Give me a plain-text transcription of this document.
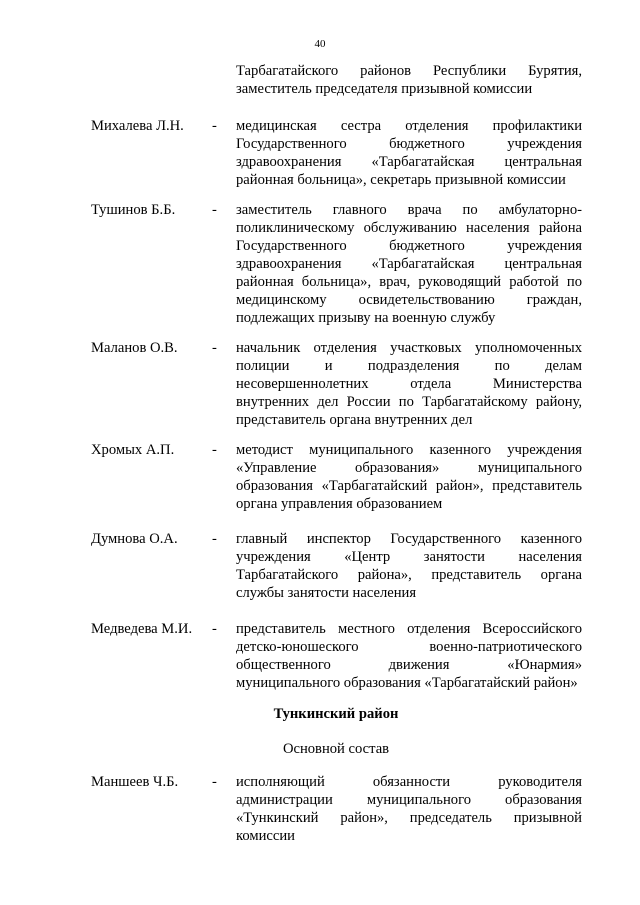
40
Тарбагатайского районов Республики Бурятия,
заместитель председателя призывной комиссии
Михалева Л.Н. - медицинская сестра отделения профилактики
Государственного бюджетного учреждения
здравоохранения «Тарбагатайская центральная
районная больница», секретарь призывной комиссии
Тушинов Б.Б.	- заместитель главного врача по амбулаторно-
поликлиническому обслуживанию населения района
Государственного бюджетного учреждения
здравоохранения «Тарбагатайская центральная
районная больница», врач, руководящий работой по
медицинскому освидетельствованию граждан,
подлежащих призыву на военную службу
Маланов О.В. - начальник отделения участковых уполномоченных
полиции и подразделения по делам
несовершеннолетних отдела Министерства
внутренних дел России по Тарбагатайскому району,
представитель органа внутренних дел
Хромых А.П.	- методист муниципального казенного учреждения
«Управление образования» муниципального
образования «Тарбагатайский район», представитель
органа управления образованием
Думнова О.А. - главный инспектор Государственного казенного
учреждения «Центр занятости населения
Тарбагатайского района», представитель органа
службы занятости населения
Медведева М.И. - представитель местного отделения Всероссийского
детско-юношеского военно-патриотического
общественного движения «Юнармия»
муниципального образования «Тарбагатайский район»
Тункинский район
Основной состав
Маншеев Ч.Б. - исполняющий обязанности руководителя
администрации муниципального образования
«Тункинский район», председатель призывной
комиссии
